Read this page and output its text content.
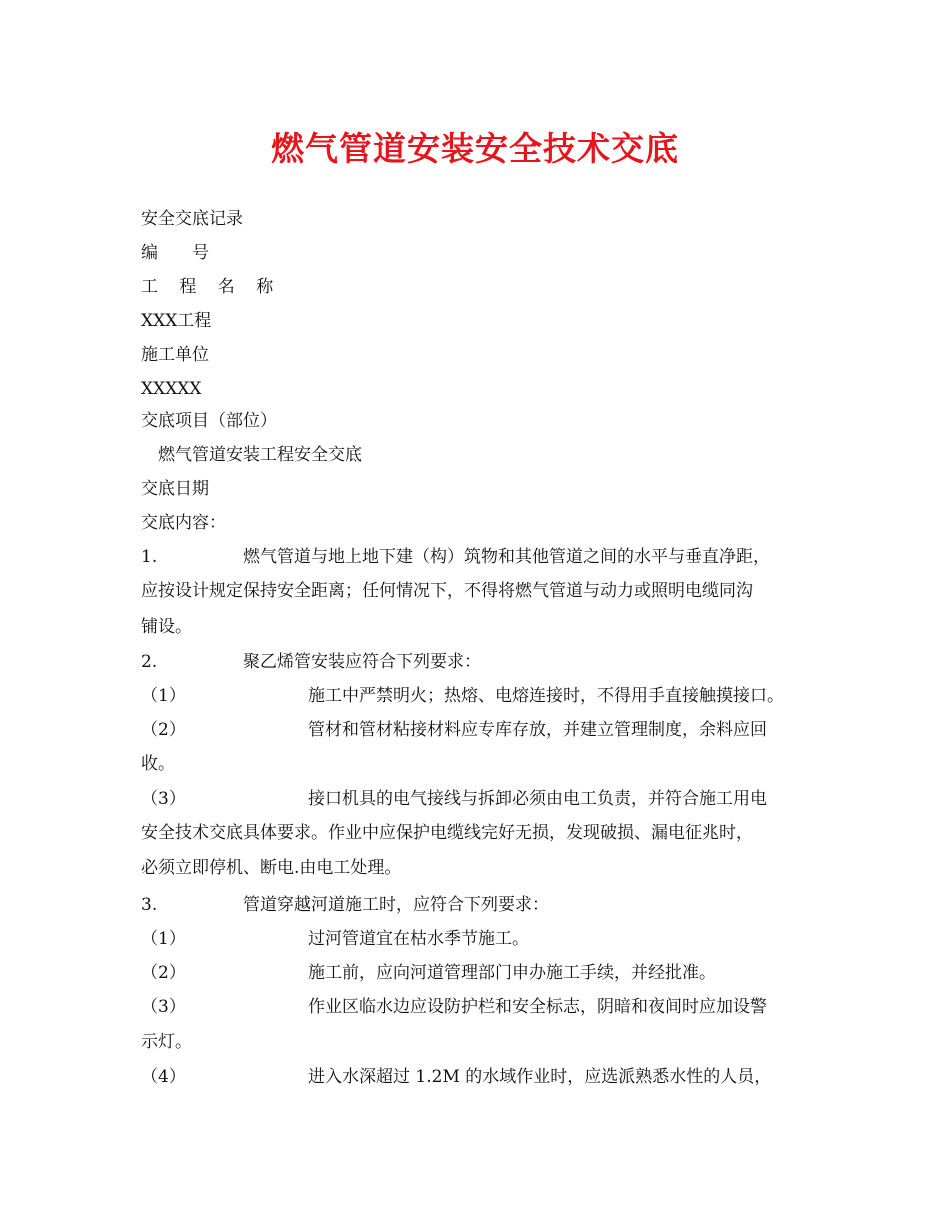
燃气管道安装安全技术交底
安全交底记录
编　　号
工 程 名 称
XXX工程
施工单位
XXXXX
交底项目（部位）
燃气管道安装工程安全交底
交底日期
交底内容：
1.	燃气管道与地上地下建（构）筑物和其他管道之间的水平与垂直净距，
应按设计规定保持安全距离；任何情况下，不得将燃气管道与动力或照明电缆同沟
铺设。
2.	聚乙烯管安装应符合下列要求：
（1）	施工中严禁明火；热熔、电熔连接时，不得用手直接触摸接口。
（2）	管材和管材粘接材料应专库存放，并建立管理制度，余料应回
收。
（3）	接口机具的电气接线与拆卸必须由电工负责，并符合施工用电
安全技术交底具体要求。作业中应保护电缆线完好无损，发现破损、漏电征兆时，
必须立即停机、断电.由电工处理。
3.	管道穿越河道施工时，应符合下列要求：
（1）	过河管道宜在枯水季节施工。
（2）	施工前，应向河道管理部门申办施工手续，并经批准。
（3）	作业区临水边应设防护栏和安全标志，阴暗和夜间时应加设警
示灯。
（4）	进入水深超过 1.2M 的水域作业时，应选派熟悉水性的人员，
